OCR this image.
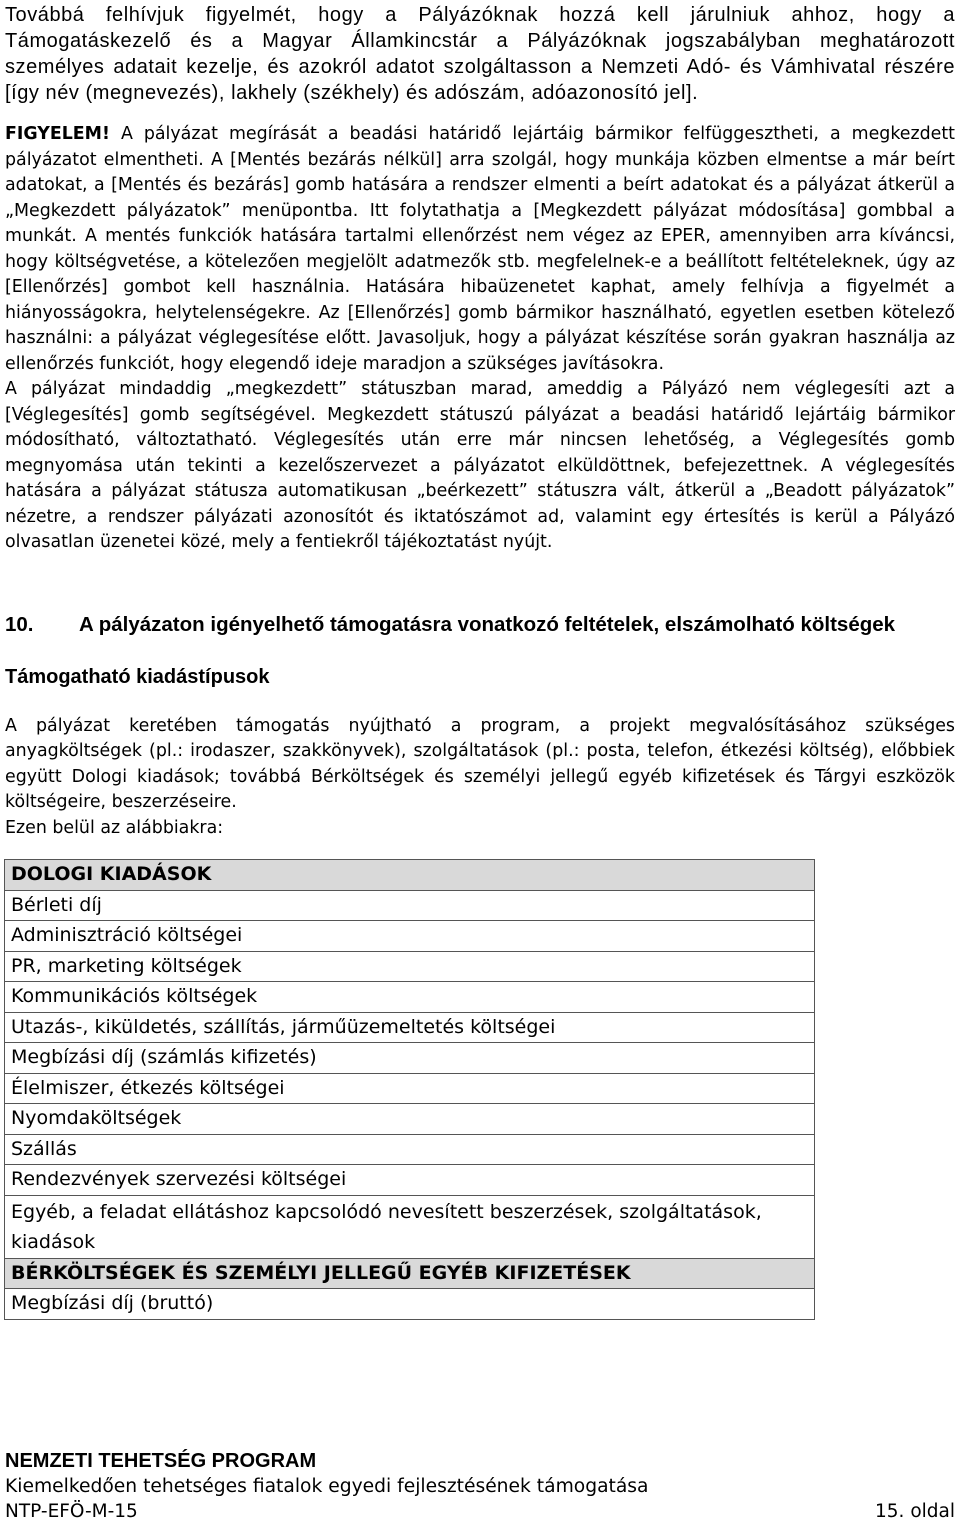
Továbbá felhívjuk figyelmét, hogy a Pályázóknak hozzá kell járulniuk ahhoz, hogy a Támogatáskezelő és a Magyar Államkincstár a Pályázóknak jogszabályban meghatározott személyes adatait kezelje, és azokról adatot szolgáltasson a Nemzeti Adó- és Vámhivatal részére [így név (megnevezés), lakhely (székhely) és adószám, adóazonosító jel].

FIGYELEM! A pályázat megírását a beadási határidő lejártáig bármikor felfüggesztheti, a megkezdett pályázatot elmentheti. A [Mentés bezárás nélkül] arra szolgál, hogy munkája közben elmentse a már beírt adatokat, a [Mentés és bezárás] gomb hatására a rendszer elmenti a beírt adatokat és a pályázat átkerül a „Megkezdett pályázatok” menüpontba. Itt folytathatja a [Megkezdett pályázat módosítása] gombbal a munkát. A mentés funkciók hatására tartalmi ellenőrzést nem végez az EPER, amennyiben arra kíváncsi, hogy költségvetése, a kötelezően megjelölt adatmezők stb. megfelelnek-e a beállított feltételeknek, úgy az [Ellenőrzés] gombot kell használnia. Hatására hibaüzenetet kaphat, amely felhívja a figyelmét a hiányosságokra, helytelenségekre. Az [Ellenőrzés] gomb bármikor használható, egyetlen esetben kötelező használni: a pályázat véglegesítése előtt. Javasoljuk, hogy a pályázat készítése során gyakran használja az ellenőrzés funkciót, hogy elegendő ideje maradjon a szükséges javításokra.

A pályázat mindaddig „megkezdett” státuszban marad, ameddig a Pályázó nem véglegesíti azt a [Véglegesítés] gomb segítségével. Megkezdett státuszú pályázat a beadási határidő lejártáig bármikor módosítható, változtatható. Véglegesítés után erre már nincsen lehetőség, a Véglegesítés gomb megnyomása után tekinti a kezelőszervezet a pályázatot elküldöttnek, befejezettnek. A véglegesítés hatására a pályázat státusza automatikusan „beérkezett” státuszra vált, átkerül a „Beadott pályázatok” nézetre, a rendszer pályázati azonosítót és iktatószámot ad, valamint egy értesítés is kerül a Pályázó olvasatlan üzenetei közé, mely a fentiekről tájékoztatást nyújt.

10. A pályázaton igényelhető támogatásra vonatkozó feltételek, elszámolható költségek

Támogatható kiadástípusok

A pályázat keretében támogatás nyújtható a program, a projekt megvalósításához szükséges anyagköltségek (pl.: irodaszer, szakkönyvek), szolgáltatások (pl.: posta, telefon, étkezési költség), előbbiek együtt Dologi kiadások; továbbá Bérköltségek és személyi jellegű egyéb kifizetések és Tárgyi eszközök költségeire, beszerzéseire.

Ezen belül az alábbiakra:

DOLOGI KIADÁSOK
Bérleti díj
Adminisztráció költségei
PR, marketing költségek
Kommunikációs költségek
Utazás-, kiküldetés, szállítás, járműüzemeltetés költségei
Megbízási díj (számlás kifizetés)
Élelmiszer, étkezés költségei
Nyomdaköltségek
Szállás
Rendezvények szervezési költségei
Egyéb, a feladat ellátáshoz kapcsolódó nevesített beszerzések, szolgáltatások, kiadások
BÉRKÖLTSÉGEK ÉS SZEMÉLYI JELLEGŰ EGYÉB KIFIZETÉSEK
Megbízási díj (bruttó)
NEMZETI TEHETSÉG PROGRAM
Kiemelkedően tehetséges fiatalok egyedi fejlesztésének támogatása
NTP-EFÖ-M-15	15. oldal
